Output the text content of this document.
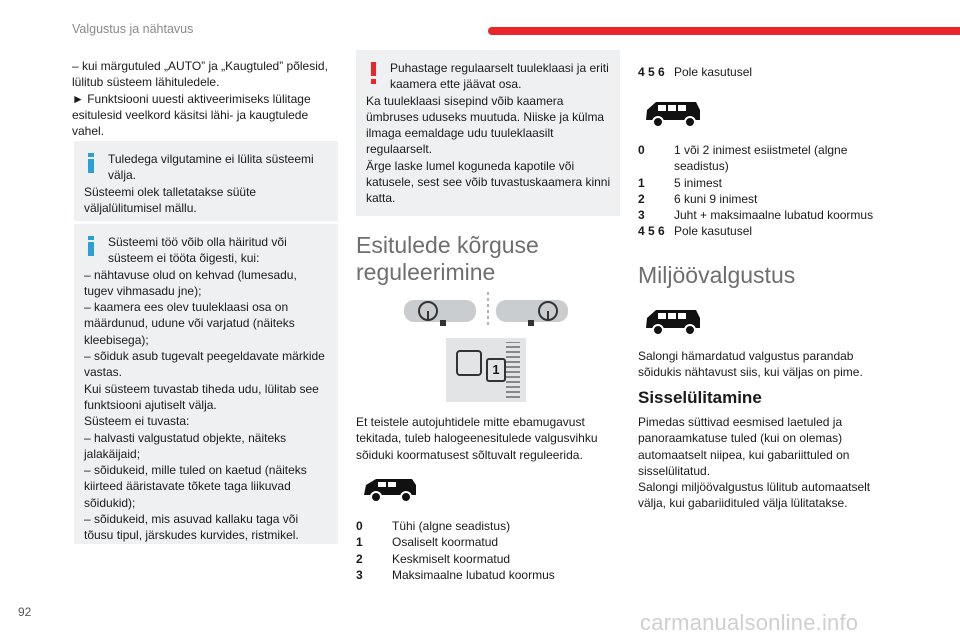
Valgustus ja nähtavus

– kui märgutuled „AUTO” ja „Kaugtuled” põlesid, lülitub süsteem lähituledele.

► Funktsiooni uuesti aktiveerimiseks lülitage esitulesid veelkord käsitsi lähi- ja kaugtulede vahel.

Tuledega vilgutamine ei lülita süsteemi välja.

Süsteemi olek talletatakse süüte väljalülitumisel mällu.

Süsteemi töö võib olla häiritud või süsteem ei tööta õigesti, kui:

– nähtavuse olud on kehvad (lumesadu, tugev vihmasadu jne);

– kaamera ees olev tuuleklaasi osa on määrdunud, udune või varjatud (näiteks kleebisega);

– sõiduk asub tugevalt peegeldavate märkide vastas.

Kui süsteem tuvastab tiheda udu, lülitab see funktsiooni ajutiselt välja.

Süsteem ei tuvasta:

– halvasti valgustatud objekte, näiteks jalakäijaid;

– sõidukeid, mille tuled on kaetud (näiteks kiirteed ääristavate tõkete taga liikuvad sõidukid);

– sõidukeid, mis asuvad kallaku taga või tõusu tipul, järskudes kurvides, ristmikel.

Puhastage regulaarselt tuuleklaasi ja eriti kaamera ette jäävat osa.

Ka tuuleklaasi sisepind võib kaamera ümbruses uduseks muutuda. Niiske ja külma ilmaga eemaldage udu tuuleklaasilt regulaarselt.

Ärge laske lumel koguneda kapotile või katusele, sest see võib tuvastuskaamera kinni katta.

Esitulede kõrguse reguleerimine
1

Et teistele autojuhtidele mitte ebamugavust tekitada, tuleb halogeenesitulede valgusvihku sõiduki koormatusest sõltuvalt reguleerida.

0	Tühi (algne seadistus)
1	Osaliselt koormatud
2	Keskmiselt koormatud
3	Maksimaalne lubatud koormus
4 5 6 Pole kasutusel
0	1 või 2 inimest esiistmetel (algne seadistus)
1	5 inimest
2	6 kuni 9 inimest
3	Juht + maksimaalne lubatud koormus
4 5 6 Pole kasutusel
Miljöövalgustus

Salongi hämardatud valgustus parandab sõidukis nähtavust siis, kui väljas on pime.

Sisselülitamine

Pimedas süttivad eesmised laetuled ja panoraamkatuse tuled (kui on olemas) automaatselt niipea, kui gabariittuled on sisselülitatud.

Salongi miljöövalgustus lülitub automaatselt välja, kui gabariidituled välja lülitatakse.

92	carmanualsonline.info
